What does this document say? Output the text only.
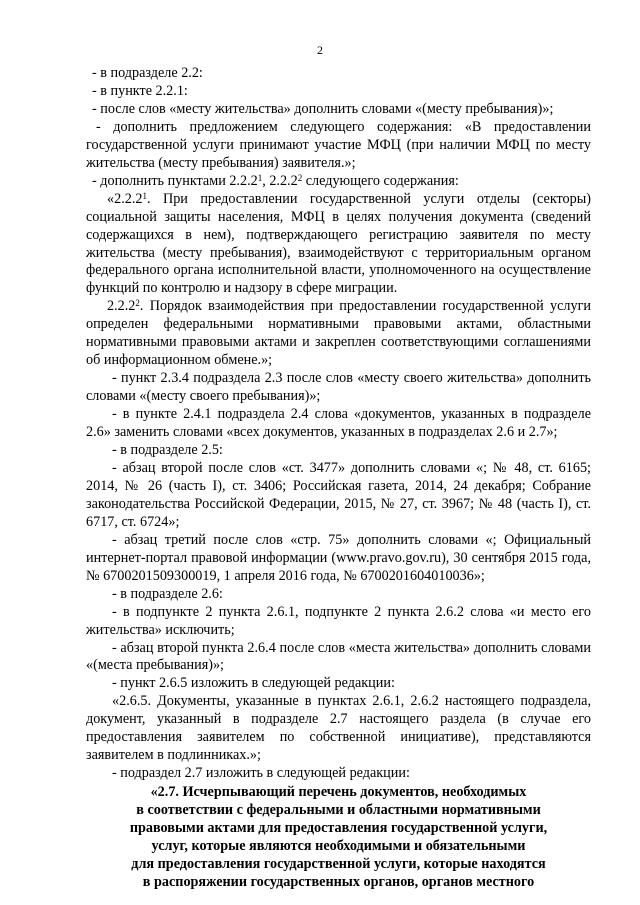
2

- в подразделе 2.2:

- в пункте 2.2.1:

- после слов «месту жительства» дополнить словами «(месту пребывания)»;

- дополнить предложением следующего содержания: «В предоставлении государственной услуги принимают участие МФЦ (при наличии МФЦ по месту жительства (месту пребывания) заявителя.»;

- дополнить пунктами 2.2.2$^1$, 2.2.2$^2$ следующего содержания:

«2.2.2$^1$. При предоставлении государственной услуги отделы (секторы) социальной защиты населения, МФЦ в целях получения документа (сведений содержащихся в нем), подтверждающего регистрацию заявителя по месту жительства (месту пребывания), взаимодействуют с территориальным органом федерального органа исполнительной власти, уполномоченного на осуществление функций по контролю и надзору в сфере миграции.

2.2.2$^2$. Порядок взаимодействия при предоставлении государственной услуги определен федеральными нормативными правовыми актами, областными нормативными правовыми актами и закреплен соответствующими соглашениями об информационном обмене.»;

- пункт 2.3.4 подраздела 2.3 после слов «месту своего жительства» дополнить словами «(месту своего пребывания)»;

- в пункте 2.4.1 подраздела 2.4 слова «документов, указанных в подразделе 2.6» заменить словами «всех документов, указанных в подразделах 2.6 и 2.7»;

- в подразделе 2.5:

- абзац второй после слов «ст. 3477» дополнить словами «; № 48, ст. 6165; 2014, № 26 (часть I), ст. 3406; Российская газета, 2014, 24 декабря; Собрание законодательства Российской Федерации, 2015, № 27, ст. 3967; № 48 (часть I), ст. 6717, ст. 6724»;

- абзац третий после слов «стр. 75» дополнить словами «; Официальный интернет-портал правовой информации (www.pravo.gov.ru), 30 сентября 2015 года, № 6700201509300019, 1 апреля 2016 года, № 6700201604010036»;

- в подразделе 2.6:

- в подпункте 2 пункта 2.6.1, подпункте 2 пункта 2.6.2 слова «и место его жительства» исключить;

- абзац второй пункта 2.6.4 после слов «места жительства» дополнить словами «(места пребывания)»;

- пункт 2.6.5 изложить в следующей редакции:

«2.6.5. Документы, указанные в пунктах 2.6.1, 2.6.2 настоящего подраздела, документ, указанный в подразделе 2.7 настоящего раздела (в случае его предоставления заявителем по собственной инициативе), представляются заявителем в подлинниках.»;

- подраздел 2.7 изложить в следующей редакции:

«2.7. Исчерпывающий перечень документов, необходимых
в соответствии с федеральными и областными нормативными
правовыми актами для предоставления государственной услуги,
услуг, которые являются необходимыми и обязательными
для предоставления государственной услуги, которые находятся
в распоряжении государственных органов, органов местного
